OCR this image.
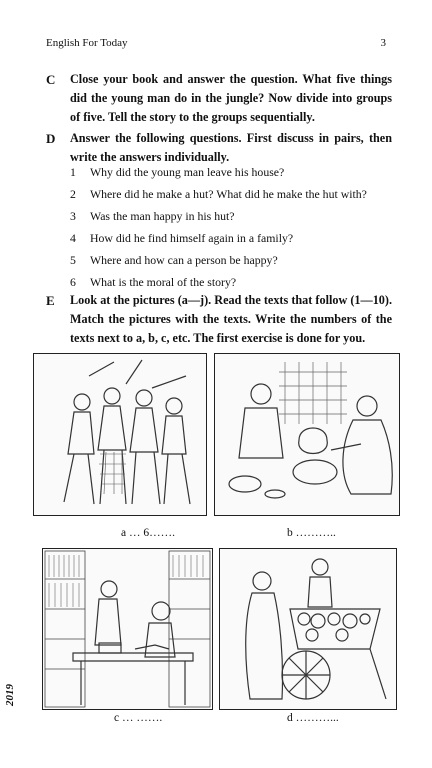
English For Today	3
C Close your book and answer the question. What five things did the young man do in the jungle? Now divide into groups of five. Tell the story to the groups sequentially.
D Answer the following questions. First discuss in pairs, then write the answers individually.
1 Why did the young man leave his house?
2 Where did he make a hut? What did he make the hut with?
3 Was the man happy in his hut?
4 How did he find himself again in a family?
5 Where and how can a person be happy?
6 What is the moral of the story?
E Look at the pictures (a—j). Read the texts that follow (1—10). Match the pictures with the texts. Write the numbers of the texts next to a, b, c, etc. The first exercise is done for you.
a … 6…….	b ………..
c … …….	d ………...
2019
